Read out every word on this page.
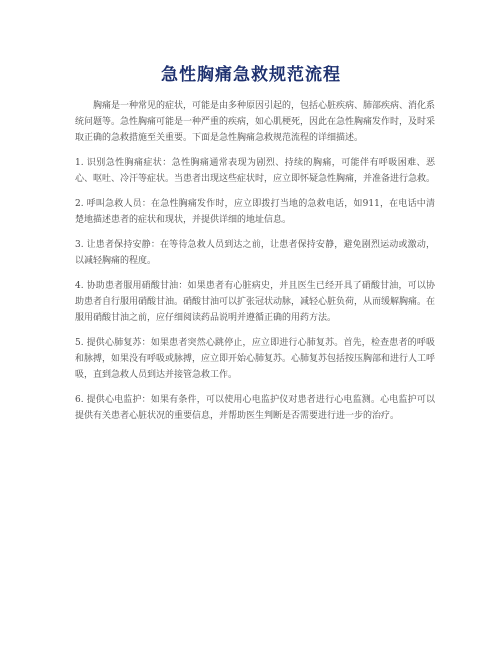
急性胸痛急救规范流程

胸痛是一种常见的症状，可能是由多种原因引起的，包括心脏疾病、肺部疾病、消化系统问题等。急性胸痛可能是一种严重的疾病，如心肌梗死，因此在急性胸痛发作时，及时采取正确的急救措施至关重要。下面是急性胸痛急救规范流程的详细描述。

1. 识别急性胸痛症状：急性胸痛通常表现为剧烈、持续的胸痛，可能伴有呼吸困难、恶心、呕吐、冷汗等症状。当患者出现这些症状时，应立即怀疑急性胸痛，并准备进行急救。

2. 呼叫急救人员：在急性胸痛发作时，应立即拨打当地的急救电话，如911，在电话中清楚地描述患者的症状和现状，并提供详细的地址信息。

3. 让患者保持安静：在等待急救人员到达之前，让患者保持安静，避免剧烈运动或激动，以减轻胸痛的程度。

4. 协助患者服用硝酸甘油：如果患者有心脏病史，并且医生已经开具了硝酸甘油，可以协助患者自行服用硝酸甘油。硝酸甘油可以扩张冠状动脉，减轻心脏负荷，从而缓解胸痛。在服用硝酸甘油之前，应仔细阅读药品说明并遵循正确的用药方法。

5. 提供心肺复苏：如果患者突然心跳停止，应立即进行心肺复苏。首先，检查患者的呼吸和脉搏，如果没有呼吸或脉搏，应立即开始心肺复苏。心肺复苏包括按压胸部和进行人工呼吸，直到急救人员到达并接管急救工作。

6. 提供心电监护：如果有条件，可以使用心电监护仪对患者进行心电监测。心电监护可以提供有关患者心脏状况的重要信息，并帮助医生判断是否需要进行进一步的治疗。
